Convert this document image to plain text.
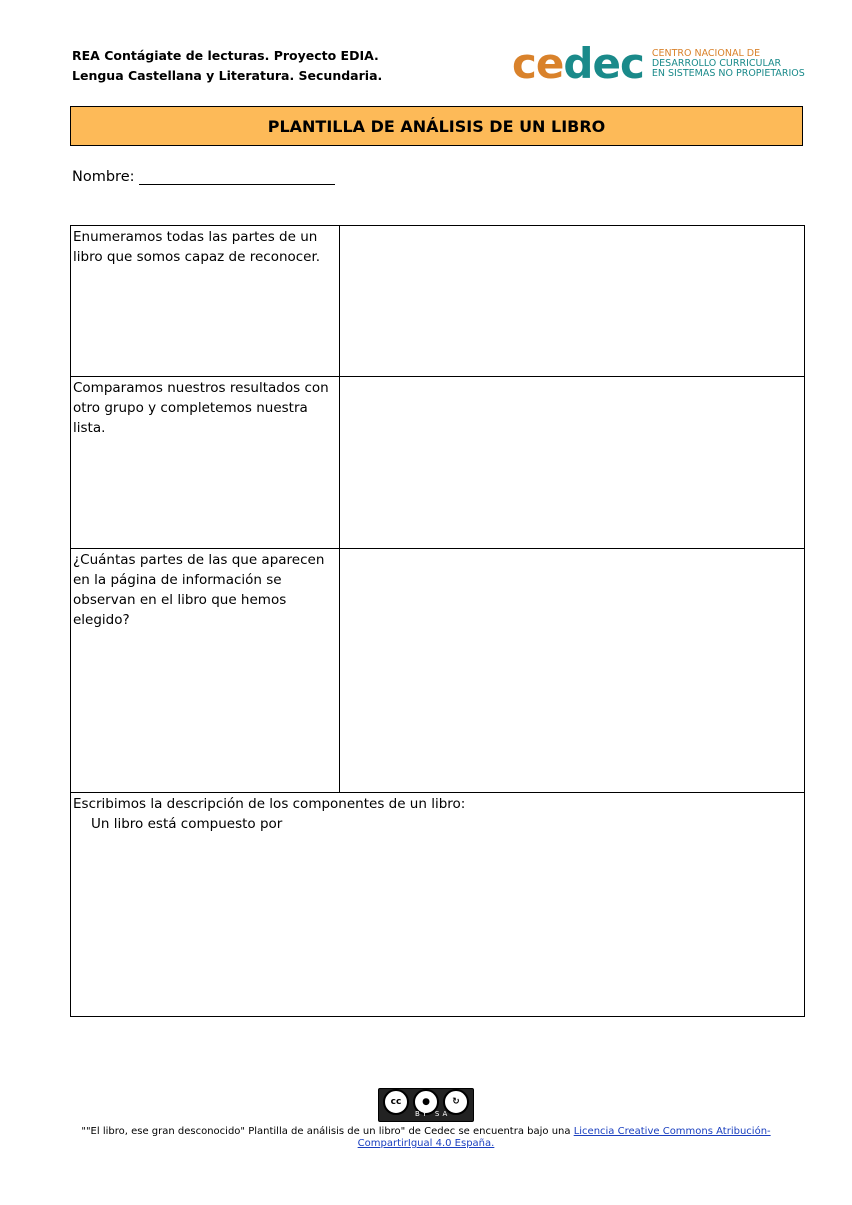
REA Contágiate de lecturas. Proyecto EDIA.
Lengua Castellana y Literatura. Secundaria.	cedec CENTRO NACIONAL DE
DESARROLLO CURRICULAR
EN SISTEMAS NO PROPIETARIOS
PLANTILLA DE ANÁLISIS DE UN LIBRO
Nombre:
Enumeramos todas las partes de un libro que somos capaz de reconocer.	
Comparamos nuestros resultados con otro grupo y completemos nuestra lista.	
¿Cuántas partes de las que aparecen en la página de información se observan en el libro que hemos elegido?	

Escribimos la descripción de los componentes de un libro:
Un libro está compuesto por	
cc	●	↻
BY SA
""El libro, ese gran desconocido" Plantilla de análisis de un libro" de Cedec se encuentra bajo una Licencia Creative Commons Atribución-CompartirIgual 4.0 España.
